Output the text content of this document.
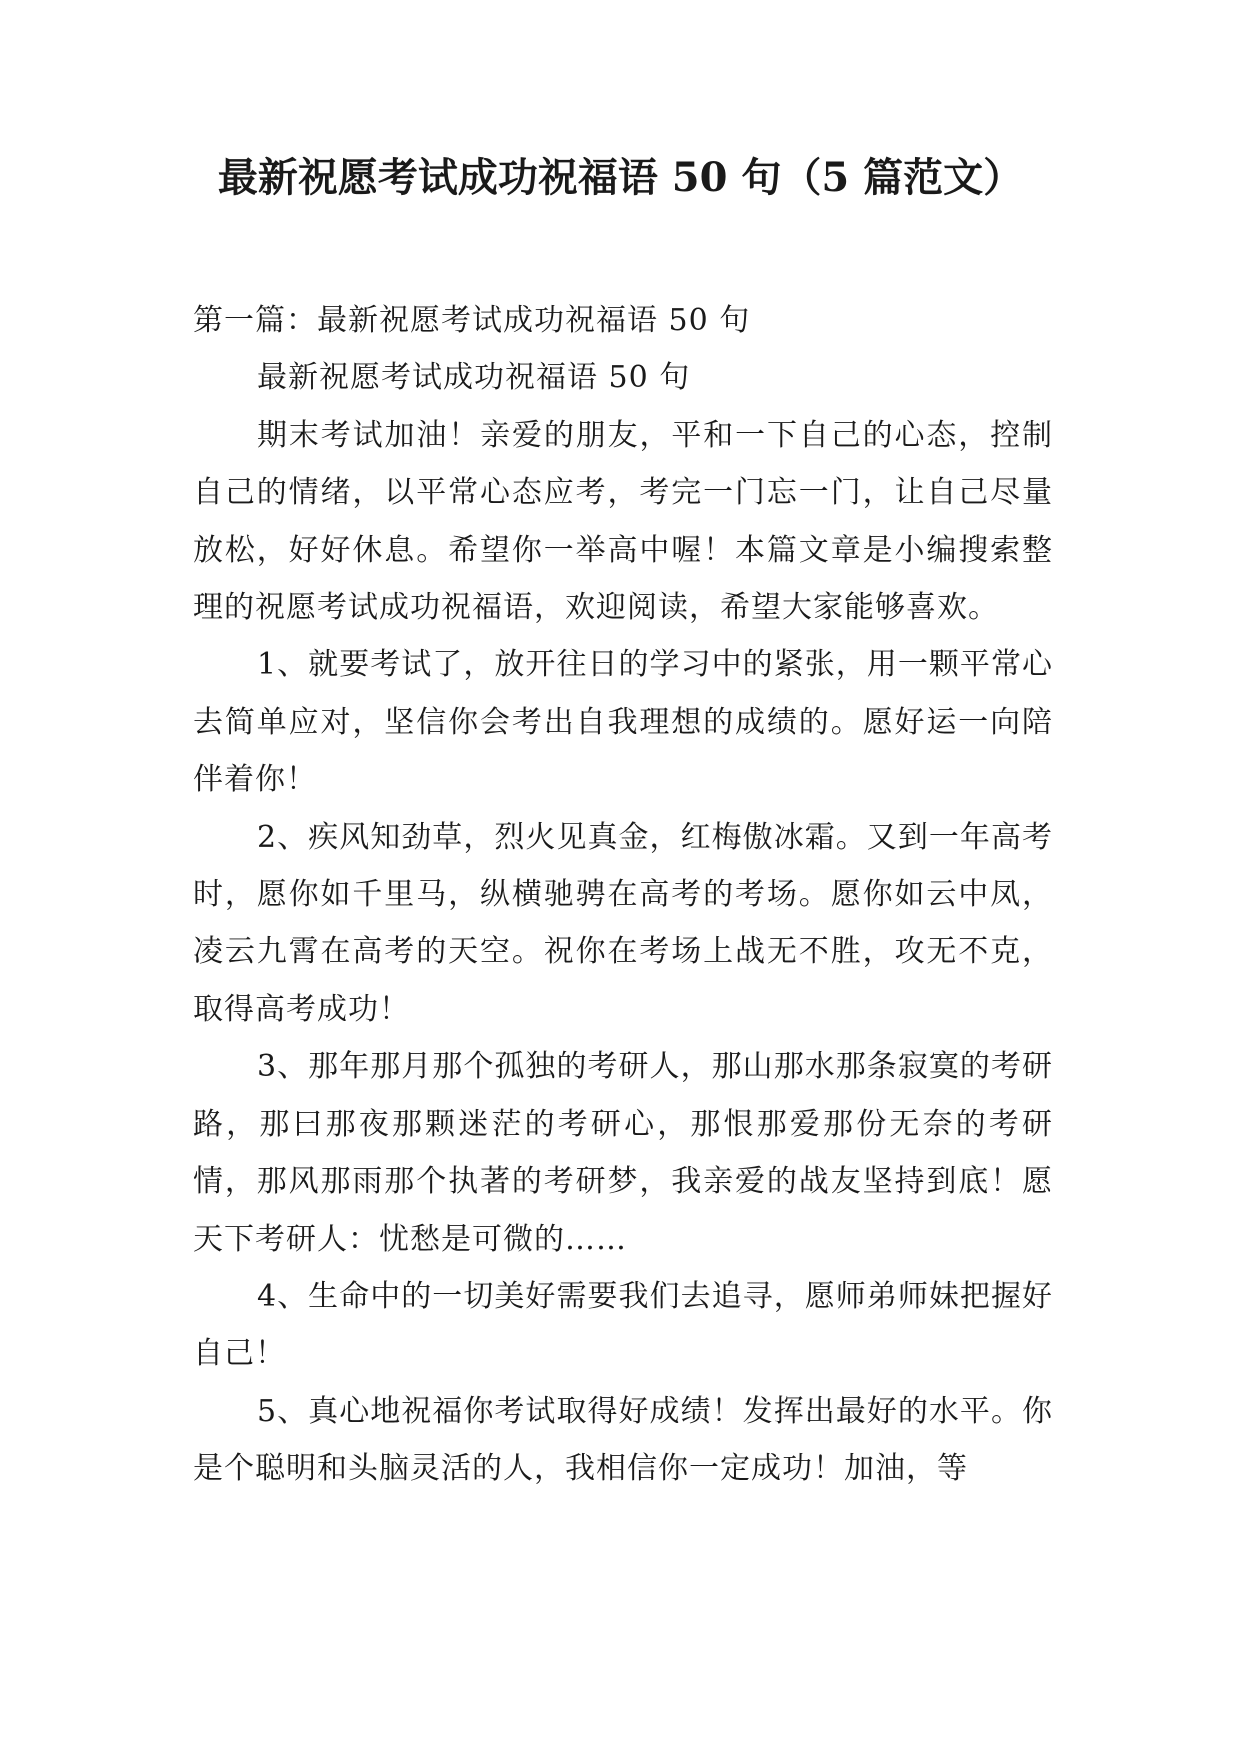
最新祝愿考试成功祝福语 50 句（5 篇范文）

第一篇：最新祝愿考试成功祝福语 50 句

最新祝愿考试成功祝福语 50 句

期末考试加油！亲爱的朋友，平和一下自己的心态，控制自己的情绪，以平常心态应考，考完一门忘一门，让自己尽量放松，好好休息。希望你一举高中喔！本篇文章是小编搜索整理的祝愿考试成功祝福语，欢迎阅读，希望大家能够喜欢。

1、就要考试了，放开往日的学习中的紧张，用一颗平常心去简单应对，坚信你会考出自我理想的成绩的。愿好运一向陪伴着你！

2、疾风知劲草，烈火见真金，红梅傲冰霜。又到一年高考时，愿你如千里马，纵横驰骋在高考的考场。愿你如云中凤，凌云九霄在高考的天空。祝你在考场上战无不胜，攻无不克，取得高考成功！

3、那年那月那个孤独的考研人，那山那水那条寂寞的考研路，那曰那夜那颗迷茫的考研心，那恨那爱那份无奈的考研情，那风那雨那个执著的考研梦，我亲爱的战友坚持到底！愿天下考研人：忧愁是可微的……

4、生命中的一切美好需要我们去追寻，愿师弟师妹把握好自己！

5、真心地祝福你考试取得好成绩！发挥出最好的水平。你是个聪明和头脑灵活的人，我相信你一定成功！加油，等
